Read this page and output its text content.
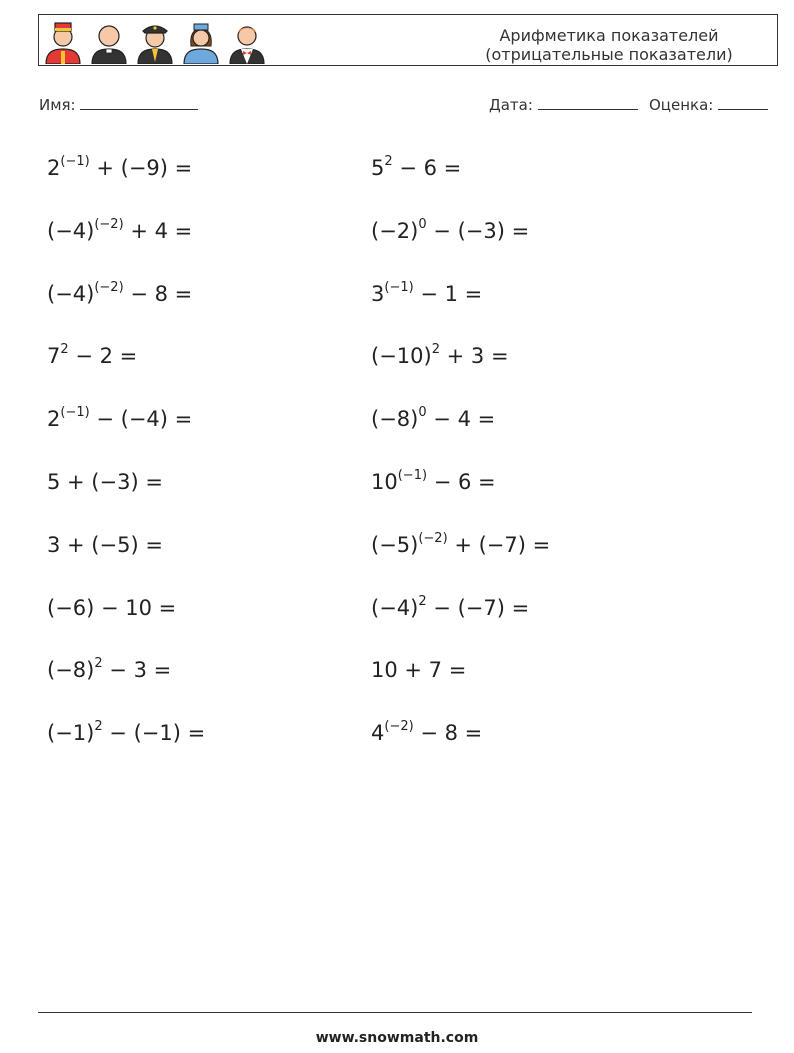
Арифметика показателей
(отрицательные показатели)
Имя:	Дата:	Оценка:
$2^{(-1)} + (-9)$ =	$5^2 - 6$ =
$(-4)^{(-2)} + 4$ =	$(-2)^0 - (-3)$ =
$(-4)^{(-2)} - 8$ =	$3^{(-1)} - 1$ =
$7^2 - 2$ =	$(-10)^2 + 3$ =
$2^{(-1)} - (-4)$ =	$(-8)^0 - 4$ =
5 + (−3) =	$10^{(-1)} - 6$ =
3 + (−5) =	$(-5)^{(-2)} + (-7)$ =
(−6) − 10 =	$(-4)^2 - (-7)$ =
$(-8)^2 - 3$ =	10 + 7 =
$(-1)^2 - (-1)$ =	$4^{(-2)} - 8$ =
www.snowmath.com
